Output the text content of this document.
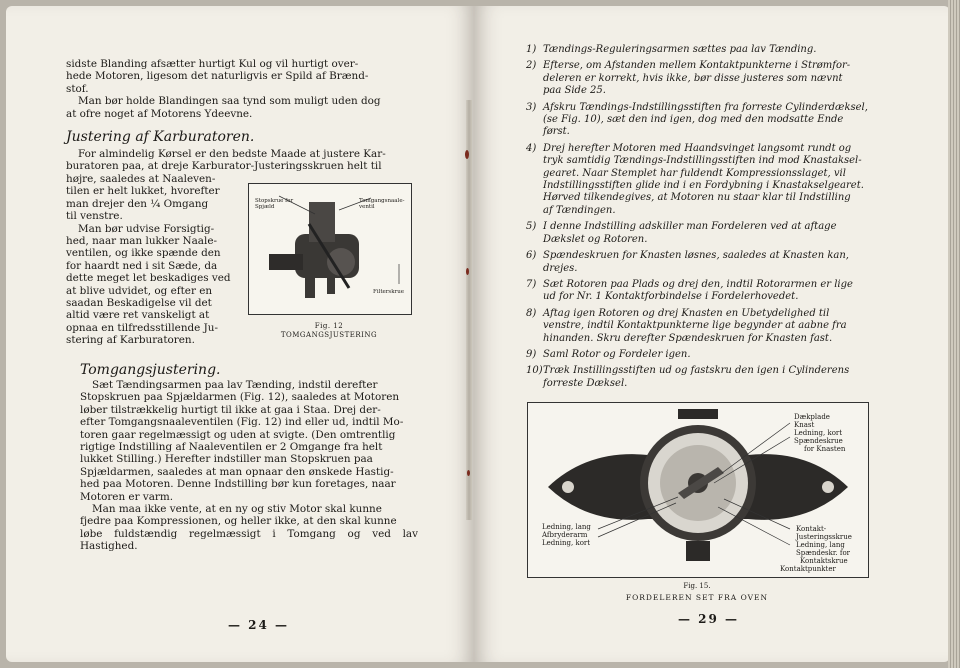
sidste Blanding afsætter hurtigt Kul og vil hurtigt over-
hede Motoren, ligesom det naturligvis er Spild af Brænd-
stof.
Man bør holde Blandingen saa tynd som muligt uden dog
at ofre noget af Motorens Ydeevne.
Justering af Karburatoren.
For almindelig Kørsel er den bedste Maade at justere Kar-
buratoren paa, at dreje Karburator-Justeringsskruen helt til
højre, saaledes at Naaleven-
tilen er helt lukket, hvorefter
man drejer den ¼ Omgang
til venstre.
Man bør udvise Forsigtig-
hed, naar man lukker Naale-
ventilen, og ikke spænde den
for haardt ned i sit Sæde, da
dette meget let beskadiges ved
at blive udvidet, og efter en
saadan Beskadigelse vil det
altid være ret vanskeligt at
opnaa en tilfredsstillende Ju-
stering af Karburatoren.
Stopskrue for Spjæld
Tomgangsnaale-ventil
Filterskrue
Fig. 12
TOMGANGSJUSTERING
Tomgangsjustering.
Sæt Tændingsarmen paa lav Tænding, indstil derefter
Stopskruen paa Spjældarmen (Fig. 12), saaledes at Motoren
løber tilstrækkelig hurtigt til ikke at gaa i Staa. Drej der-
efter Tomgangsnaaleventilen (Fig. 12) ind eller ud, indtil Mo-
toren gaar regelmæssigt og uden at svigte. (Den omtrentlig
rigtige Indstilling af Naaleventilen er 2 Omgange fra helt
lukket Stilling.) Herefter indstiller man Stopskruen paa
Spjældarmen, saaledes at man opnaar den ønskede Hastig-
hed paa Motoren. Denne Indstilling bør kun foretages, naar
Motoren er varm.
Man maa ikke vente, at en ny og stiv Motor skal kunne
fjedre paa Kompressionen, og heller ikke, at den skal kunne
løbe fuldstændig regelmæssigt i Tomgang og ved lav Hastighed.
— 24 —
1) Tændings-Reguleringsarmen sættes paa lav Tænding.
2) Efterse, om Afstanden mellem Kontaktpunkterne i Strømfor-
deleren er korrekt, hvis ikke, bør disse justeres som nævnt
paa Side 25.
3) Afskru Tændings-Indstillingsstiften fra forreste Cylinderdæksel,
(se Fig. 10), sæt den ind igen, dog med den modsatte Ende først.
4) Drej herefter Motoren med Haandsvinget langsomt rundt og
tryk samtidig Tændings-Indstillingsstiften ind mod Knastaksel-
gearet. Naar Stemplet har fuldendt Kompressionsslaget, vil
Indstillingsstiften glide ind i en Fordybning i Knastakselgearet.
Hørved tilkendegives, at Motoren nu staar klar til Indstilling
af Tændingen.
5) I denne Indstilling adskiller man Fordeleren ved at aftage
Dækslet og Rotoren.
6) Spændeskruen for Knasten løsnes, saaledes at Knasten kan,
drejes.
7) Sæt Rotoren paa Plads og drej den, indtil Rotorarmen er lige
ud for Nr. 1 Kontaktforbindelse i Fordelerhovedet.
8) Aftag igen Rotoren og drej Knasten en Ubetydelighed til
venstre, indtil Kontaktpunkterne lige begynder at aabne fra
hinanden. Skru derefter Spændeskruen for Knasten fast.
9) Saml Rotor og Fordeler igen.
10) Træk Instillingsstiften ud og fastskru den igen i Cylinderens
forreste Dæksel.
Dækplade
Knast
Ledning, kort
Spændeskrue
for Knasten
Ledning, lang
Afbryderarm
Ledning, kort
Kontakt-
Justeringsskrue
Ledning, lang
Spændeskr. for
Kontaktskrue
Kontaktpunkter
Fig. 15.
FORDELEREN SET FRA OVEN
— 29 —
